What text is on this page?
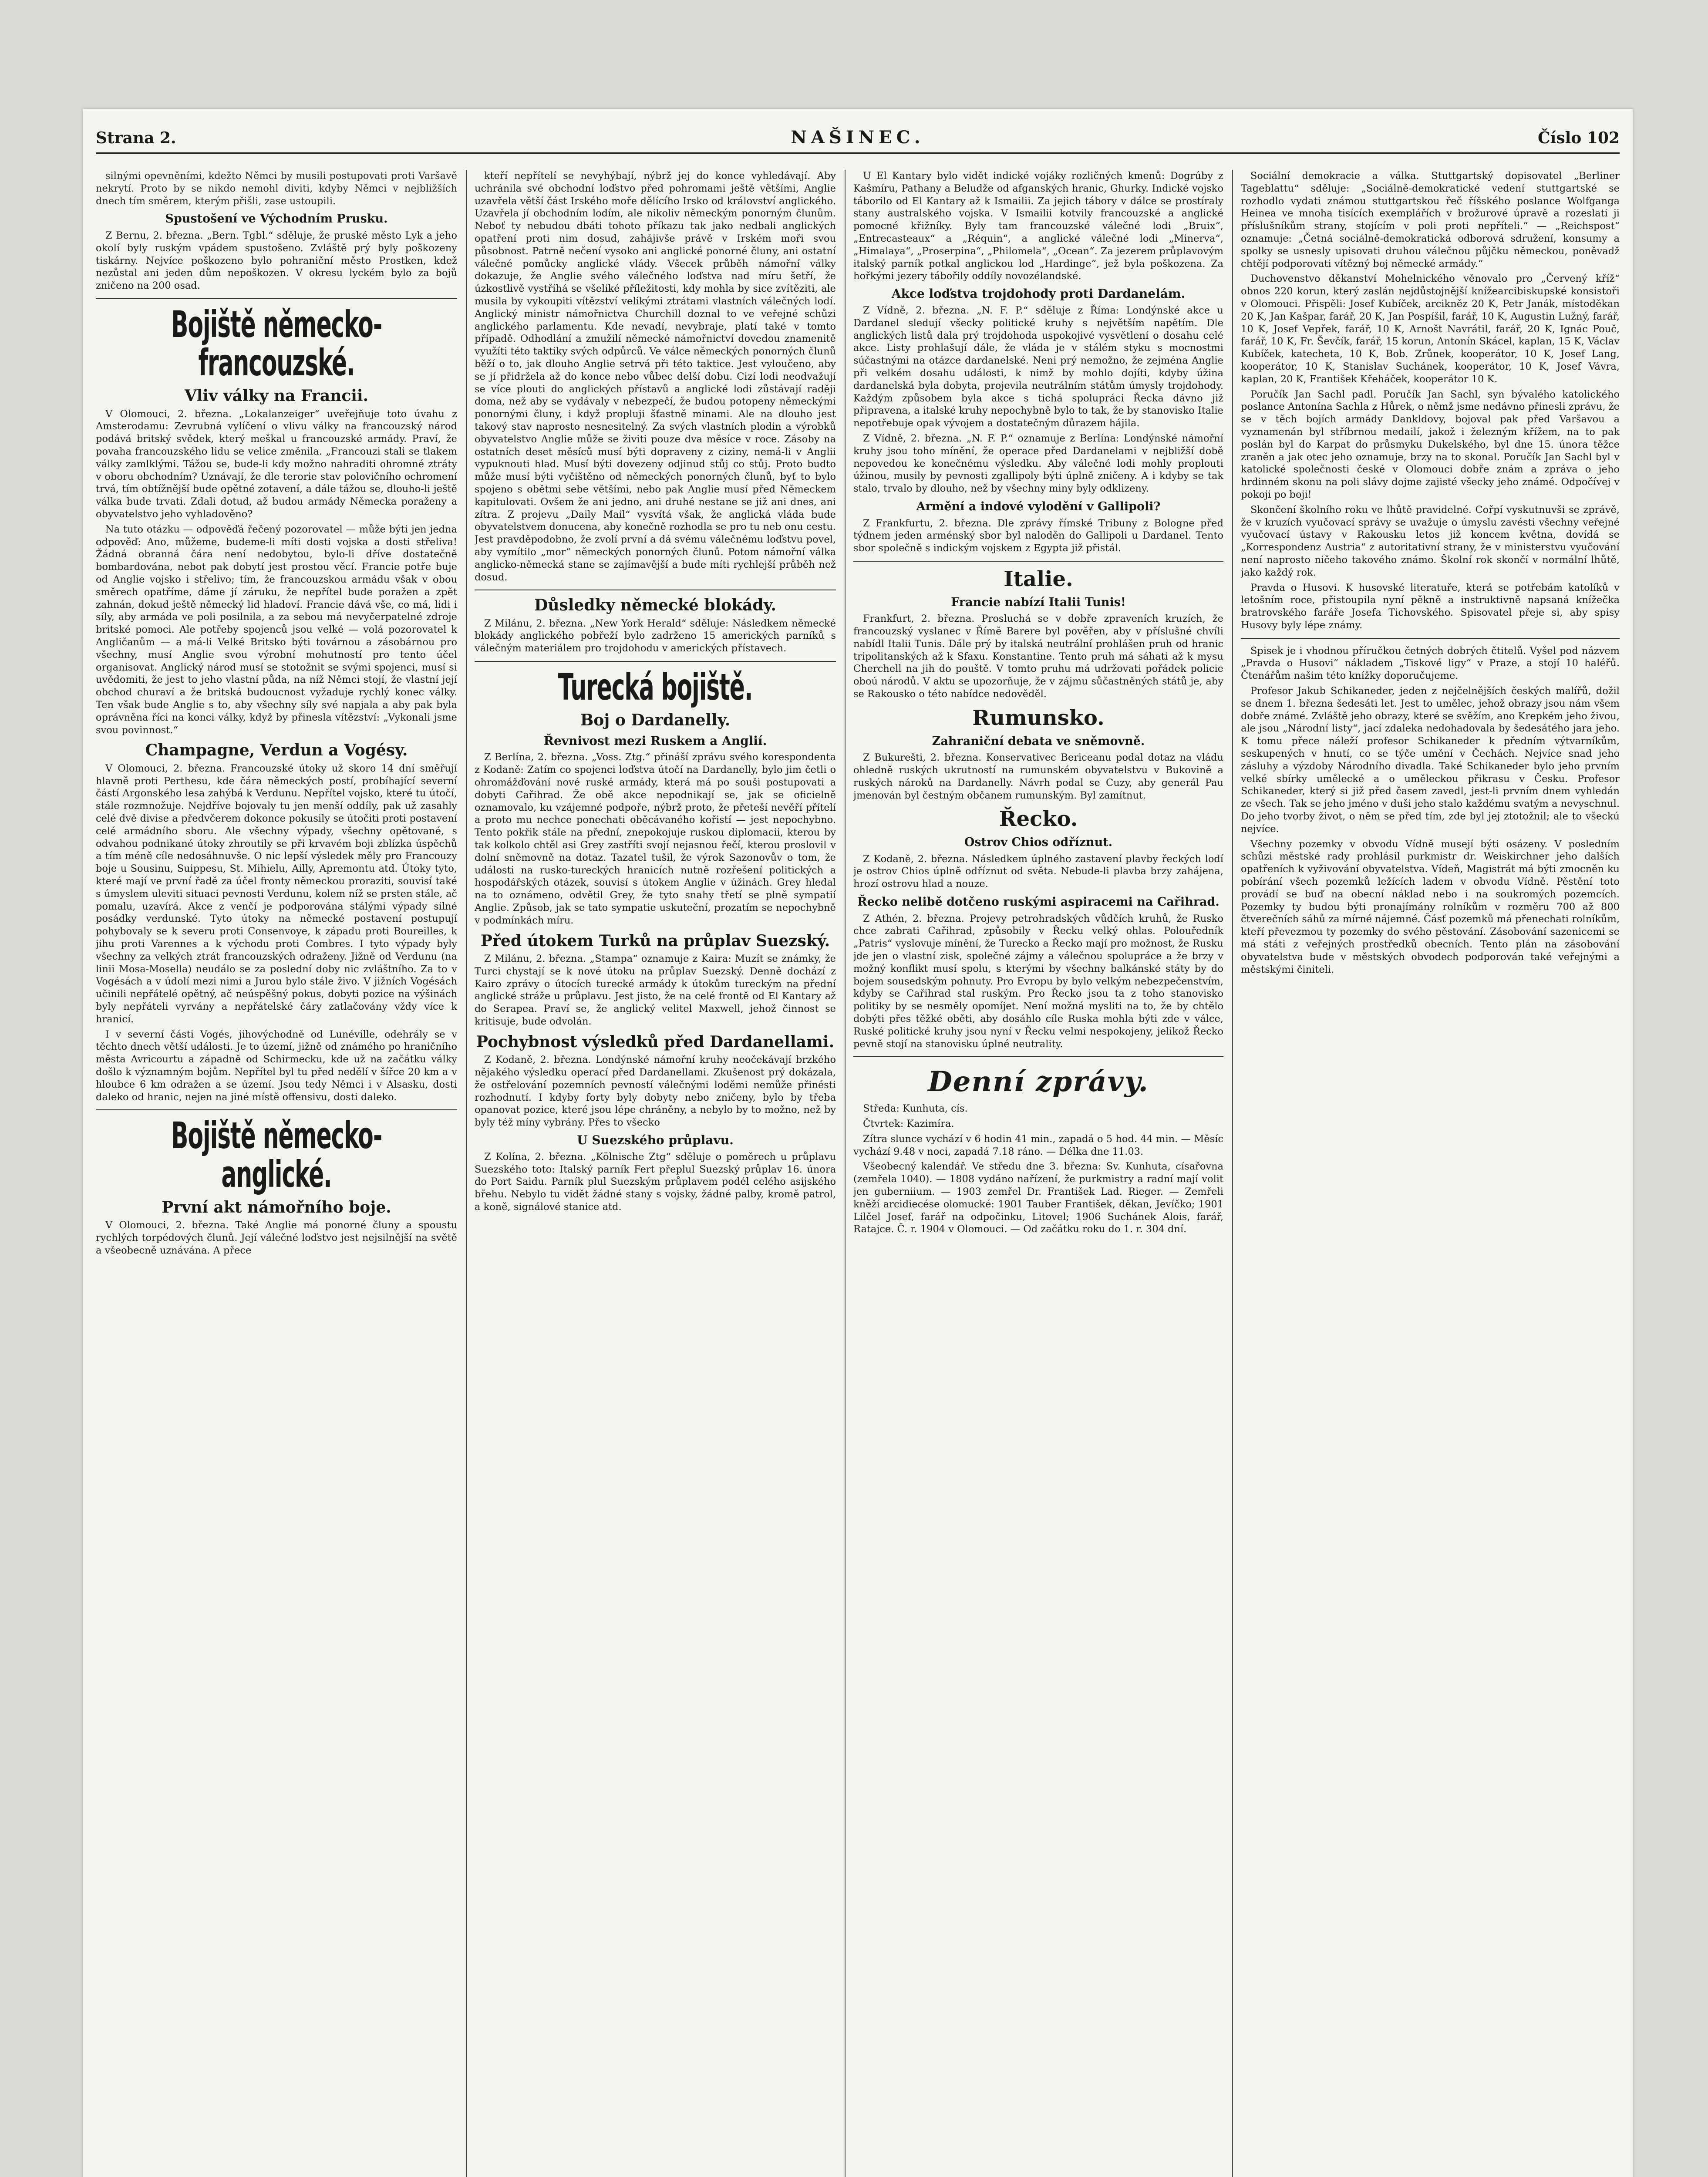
Strana 2.	NAŠINEC.	Číslo 102

silnými opevněními, kdežto Němci by musili postupovati proti Varšavě nekrytí. Proto by se nikdo nemohl diviti, kdyby Němci v nejbližších dnech tím směrem, kterým přišli, zase ustoupili.

Spustošení ve Východním Prusku.

Z Bernu, 2. března. „Bern. Tgbl.“ sděluje, že pruské město Lyk a jeho okolí byly ruským vpádem spustošeno. Zvláště prý byly poškozeny tiskárny. Nejvíce poškozeno bylo pohraniční město Prostken, kdež nezůstal ani jeden dům nepoškozen. V okresu lyckém bylo za bojů zničeno na 200 osad.

Bojiště německo-francouzské.
Vliv války na Francii.

V Olomouci, 2. března. „Lokalanzeiger“ uveřejňuje toto úvahu z Amsterodamu: Zevrubná vylíčení o vlivu války na francouzský národ podává britský svědek, který meškal u francouzské armády. Praví, že povaha francouzského lidu se velice změnila. „Francouzi stali se tlakem války zamlklými. Tážou se, bude-li kdy možno nahraditi ohromné ztráty v oboru obchodním? Uznávají, že dle terorie stav polovičního ochromení trvá, tím obtížnější bude opětné zotavení, a dále tážou se, dlouho-li ještě válka bude trvati. Zdali dotud, až budou armády Německa poraženy a obyvatelstvo jeho vyhladověno?

Na tuto otázku — odpověďá řečený pozorovatel — může býti jen jedna odpověď: Ano, můžeme, budeme-li míti dosti vojska a dosti střeliva! Žádná obranná čára není nedobytou, bylo-li dříve dostatečně bombardována, nebot pak dobytí jest prostou věcí. Francie potře buje od Anglie vojsko i střelivo; tím, že francouzskou armádu však v obou směrech opatříme, dáme jí záruku, že nepřítel bude poražen a zpět zahnán, dokud ještě německý lid hladoví. Francie dává vše, co má, lidi i síly, aby armáda ve poli posilnila, a za sebou má nevyčerpatelné zdroje britské pomoci. Ale potřeby spojenců jsou velké — volá pozorovatel k Angličanům — a má-li Velké Britsko býti továrnou a zásobárnou pro všechny, musí Anglie svou výrobní mohutností pro tento účel organisovat. Anglický národ musí se stotožnit se svými spojenci, musí si uvědomiti, že jest to jeho vlastní půda, na níž Němci stojí, že vlastní její obchod churaví a že britská budoucnost vyžaduje rychlý konec války. Ten však bude Anglie s to, aby všechny síly své napjala a aby pak byla oprávněna říci na konci války, když by přinesla vítězství: „Vykonali jsme svou povinnost.“

Champagne, Verdun a Vogésy.

V Olomouci, 2. března. Francouzské útoky už skoro 14 dní směřují hlavně proti Perthesu, kde čára německých postí, probíhající severní částí Argonského lesa zahýbá k Verdunu. Nepřítel vojsko, které tu útočí, stále rozmnožuje. Nejdříve bojovaly tu jen menší oddíly, pak už zasahly celé dvě divise a předvčerem dokonce pokusily se útočiti proti postavení celé armádního sboru. Ale všechny výpady, všechny opětované, s odvahou podnikané útoky zhroutily se při krvavém boji zblízka úspěchů a tím méně cíle nedosáhnuvše. O nic lepší výsledek měly pro Francouzy boje u Sousinu, Suippesu, St. Mihielu, Ailly, Apremontu atd. Útoky tyto, které mají ve první řadě za účel fronty německou proraziti, souvisí také s úmyslem uleviti situaci pevnosti Verdunu, kolem níž se prsten stále, ač pomalu, uzavírá. Akce z venčí je podporována stálými výpady silné posádky verdunské. Tyto útoky na německé postavení postupují pohybovaly se k severu proti Consenvoye, k západu proti Boureilles, k jihu proti Varennes a k východu proti Combres. I tyto výpady byly všechny za velkých ztrát francouzských odraženy. Jižně od Verdunu (na linii Mosa-Mosella) neudálo se za poslední doby nic zvláštního. Za to v Vogésách a v údolí mezi nimi a Jurou bylo stále živo. V jižních Vogésách učinili nepřátelé opětný, ač neúspěšný pokus, dobyti pozice na výšinách byly nepřáteli vyrvány a nepřátelské čáry zatlačovány vždy více k hranicí.

I v severní části Vogés, jihovýchodně od Lunéville, odehrály se v těchto dnech větší události. Je to území, jižně od známého po hraničního města Avricourtu a západně od Schirmecku, kde už na začátku války došlo k významným bojům. Nepřítel byl tu před nedělí v šířce 20 km a v hloubce 6 km odražen a se území. Jsou tedy Němci i v Alsasku, dosti daleko od hranic, nejen na jiné místě offensivu, dosti daleko.

Bojiště německo-anglické.
První akt námořního boje.

V Olomouci, 2. března. Také Anglie má ponorné čluny a spoustu rychlých torpédových člunů. Její válečné loďstvo jest nejsilnější na světě a všeobecně uznávána. A přece

kteří nepřítelí se nevyhýbají, nýbrž jej do konce vyhledávají. Aby uchránila své obchodní loďstvo před pohromami ještě většími, Anglie uzavřela větší část Irského moře dělícího Irsko od království anglického. Uzavřela jí obchodním lodím, ale nikoliv německým ponorným člunům. Neboť ty nebudou dbáti tohoto příkazu tak jako nedbali anglických opatření proti nim dosud, zahájivše právě v Irském moři svou působnost. Patrně nečení vysoko ani anglické ponorné čluny, ani ostatní válečné pomůcky anglické vlády. Všecek průběh námořní války dokazuje, že Anglie svého válečného loďstva nad míru šetří, že úzkostlivě vystříhá se všeliké příležitosti, kdy mohla by sice zvítěziti, ale musila by vykoupiti vítězství velikými ztrátami vlastních válečných lodí. Anglický ministr námořnictva Churchill doznal to ve veřejné schůzi anglického parlamentu. Kde nevadí, nevybraje, platí také v tomto případě. Odhodlání a zmužilí německé námořnictví dovedou znamenitě využíti této taktiky svých odpůrců. Ve válce německých ponorných člunů běží o to, jak dlouho Anglie setrvá při této taktice. Jest vyloučeno, aby se jí přidržela až do konce nebo vůbec delší dobu. Cizí lodi neodvažují se více plouti do anglických přístavů a anglické lodi zůstávají raději doma, než aby se vydávaly v nebezpečí, že budou potopeny německými ponornými čluny, i když propluji šťastně minami. Ale na dlouho jest takový stav naprosto nesnesitelný. Za svých vlastních plodin a výrobků obyvatelstvo Anglie může se živiti pouze dva měsíce v roce. Zásoby na ostatních deset měsíců musí býti dopraveny z ciziny, nemá-li v Anglii vypuknouti hlad. Musí býti dovezeny odjinud stůj co stůj. Proto budto může musí býti vyčištěno od německých ponorných člunů, byť to bylo spojeno s obětmi sebe většími, nebo pak Anglie musí před Německem kapitulovati. Ovšem že ani jedno, ani druhé nestane se již ani dnes, ani zítra. Z projevu „Daily Mail“ vysvítá však, že anglická vláda bude obyvatelstvem donucena, aby konečně rozhodla se pro tu neb onu cestu. Jest pravděpodobno, že zvolí první a dá svému válečnému loďstvu povel, aby vymítilo „mor“ německých ponorných člunů. Potom námořní válka anglicko-německá stane se zajímavější a bude míti rychlejší průběh než dosud.

Důsledky německé blokády.

Z Milánu, 2. března. „New York Herald“ sděluje: Následkem německé blokády anglického pobřeží bylo zadrženo 15 amerických parníků s válečným materiálem pro trojdohodu v amerických přístavech.

Turecká bojiště.
Boj o Dardanelly.
Řevnivost mezi Ruskem a Anglií.

Z Berlína, 2. března. „Voss. Ztg.“ přináší zprávu svého korespondenta z Kodaně: Zatím co spojenci loďstva útočí na Dardanelly, bylo jim četli o ohromážďování nové ruské armády, která má po souši postupovati a dobyti Cařihrad. Že obě akce nepodnikají se, jak se oficielně oznamovalo, ku vzájemné podpoře, nýbrž proto, že přeteší nevěří přítelí a proto mu nechce ponechati oběcávaného kořistí — jest nepochybno. Tento pokřik stále na přední, znepokojuje ruskou diplomacii, kterou by tak kolkolo chtěl asi Grey zastříti svojí nejasnou řečí, kterou proslovil v dolní sněmovně na dotaz. Tazatel tušil, že výrok Sazonovův o tom, že události na rusko-tureckých hranicích nutně rozřešení politických a hospodářských otázek, souvisí s útokem Anglie v úžinách. Grey hledal na to oznámeno, odvětil Grey, že tyto snahy třetí se plně sympatií Anglie. Způsob, jak se tato sympatie uskuteční, prozatím se nepochybně v podmínkách míru.

Před útokem Turků na průplav Suezský.

Z Milánu, 2. března. „Stampa“ oznamuje z Kaira: Muzít se známky, že Turci chystají se k nové útoku na průplav Suezský. Denně dochází z Kairo zprávy o útocích turecké armády k útokům tureckým na přední anglické stráže u průplavu. Jest jisto, že na celé frontě od El Kantary až do Serapea. Praví se, že anglický velitel Maxwell, jehož činnost se kritisuje, bude odvolán.

Pochybnost výsledků před Dardanellami.

Z Kodaně, 2. března. Londýnské námořní kruhy neočekávají brzkého nějakého výsledku operací před Dardanellami. Zkušenost prý dokázala, že ostřelování pozemních pevností válečnými loděmi nemůže přinésti rozhodnutí. I kdyby forty byly dobyty nebo zničeny, bylo by třeba opanovat pozice, které jsou lépe chráněny, a nebylo by to možno, než by byly též míny vybrány. Přes to všecko

U Suezského průplavu.

Z Kolína, 2. března. „Kölnische Ztg“ sděluje o poměrech u průplavu Suezského toto: Italský parník Fert přeplul Suezský průplav 16. února do Port Saidu. Parník plul Suezským průplavem podél celého asijského břehu. Nebylo tu vidět žádné stany s vojsky, žádné palby, kromě patrol, a koně, signálové stanice atd.

U El Kantary bylo vidět indické vojáky rozličných kmenů: Dogrúby z Kašmíru, Pathany a Beludže od afganských hranic, Ghurky. Indické vojsko táborilo od El Kantary až k Ismailii. Za jejich tábory v dálce se prostíraly stany australského vojska. V Ismailii kotvily francouzské a anglické pomocné křižníky. Byly tam francouzské válečné lodi „Bruix“, „Entrecasteaux“ a „Réquin“, a anglické válečné lodi „Minerva“, „Himalaya“, „Proserpina“, „Philomela“, „Ocean“. Za jezerem průplavovým italský parník potkal anglickou lod „Hardinge“, jež byla poškozena. Za hořkými jezery tábořily oddíly novozélandské.

Akce loďstva trojdohody proti Dardanelám.

Z Vídně, 2. března. „N. F. P.“ sděluje z Říma: Londýnské akce u Dardanel sledují všecky politické kruhy s největším napětím. Dle anglických listů dala prý trojdohoda uspokojivé vysvětlení o dosahu celé akce. Listy prohlašují dále, že vláda je v stálém styku s mocnostmi súčastnými na otázce dardanelské. Neni prý nemožno, že zejména Anglie při velkém dosahu události, k nimž by mohlo dojíti, kdyby úžina dardanelská byla dobyta, projevila neutrálním státům úmysly trojdohody. Každým způsobem byla akce s tichá spolupráci Řecka dávno již připravena, a italské kruhy nepochybně bylo to tak, že by stanovisko Italie nepotřebuje opak vývojem a dostatečným důrazem hájila.

Z Vídně, 2. března. „N. F. P.“ oznamuje z Berlína: Londýnské námořní kruhy jsou toho mínění, že operace před Dardanelami v nejbližší době nepovedou ke konečnému výsledku. Aby válečné lodi mohly proplouti úžinou, musily by pevnosti zgallipoly býti úplně zničeny. A i kdyby se tak stalo, trvalo by dlouho, než by všechny miny byly odklizeny.

Armění a indové vylodění v Gallipoli?

Z Frankfurtu, 2. března. Dle zprávy římské Tribuny z Bologne před týdnem jeden arménský sbor byl naloděn do Gallipoli u Dardanel. Tento sbor společně s indickým vojskem z Egypta již přistál.

Italie.
Francie nabízí Italii Tunis!

Frankfurt, 2. března. Prosluchá se v dobře zpraveních kruzích, že francouzský vyslanec v Římě Barere byl pověřen, aby v příslušné chvíli nabídl Italii Tunis. Dále prý by italská neutrální prohlášen pruh od hranic tripolitanských až k Sfaxu. Konstantine. Tento pruh má sáhati až k mysu Cherchell na jih do pouště. V tomto pruhu má udržovati pořádek policie oboú národů. V aktu se upozorňuje, že v zájmu sůčastněných států je, aby se Rakousko o této nabídce nedověděl.

Rumunsko.
Zahraniční debata ve sněmovně.

Z Bukurešti, 2. března. Konservativec Bericeanu podal dotaz na vládu ohledně ruských ukrutností na rumunském obyvatelstvu v Bukovině a ruských nároků na Dardanelly. Návrh podal se Cuzy, aby generál Pau jmenován byl čestným občanem rumunským. Byl zamítnut.

Řecko.
Ostrov Chios odříznut.

Z Kodaně, 2. března. Následkem úplného zastavení plavby řeckých lodí je ostrov Chios úplně odříznut od světa. Nebude-li plavba brzy zahájena, hrozí ostrovu hlad a nouze.

Řecko nelibě dotčeno ruskými aspiracemi na Cařihrad.

Z Athén, 2. března. Projevy petrohradských vůdčích kruhů, že Rusko chce zabrati Cařihrad, způsobily v Řecku velký ohlas. Polouředník „Patris“ vyslovuje mínění, že Turecko a Řecko mají pro možnost, že Rusku jde jen o vlastní zisk, společné zájmy a válečnou spolupráce a že brzy v možný konflikt musí spolu, s kterými by všechny balkánské státy by do bojem sousedským pohnuty. Pro Evropu by bylo velkým nebezpečenstvím, kdyby se Cařihrad stal ruským. Pro Řecko jsou ta z toho stanovisko politiky by se nesměly opomíjet. Není možná mysliti na to, že by chtělo dobýti přes těžké oběti, aby dosáhlo cíle Ruska mohla býti zde v válce, Ruské politické kruhy jsou nyní v Řecku velmi nespokojeny, jelikož Řecko pevně stojí na stanovisku úplné neutrality.

Denní zprávy.

Středa: Kunhuta, cís.

Čtvrtek: Kazimíra.

Zítra slunce vychází v 6 hodin 41 min., zapadá o 5 hod. 44 min. — Měsíc vychází 9.48 v noci, zapadá 7.18 ráno. — Délka dne 11.03.

Všeobecný kalendář. Ve středu dne 3. března: Sv. Kunhuta, císařovna (zemřela 1040). — 1808 vydáno nařízení, že purkmistry a radní mají volit jen guberniium. — 1903 zemřel Dr. František Lad. Rieger. — Zemřeli kněží arcidiecése olomucké: 1901 Tauber František, děkan, Jevíčko; 1901 Lilčel Josef, farář na odpočinku, Litovel; 1906 Suchánek Alois, farář, Ratajce. Č. r. 1904 v Olomouci. — Od začátku roku do 1. r. 304 dní.

Sociální demokracie a válka. Stuttgartský dopisovatel „Berliner Tageblattu“ sděluje: „Sociálně-demokratické vedení stuttgartské se rozhodlo vydati známou stuttgartskou řeč říšského poslance Wolfganga Heinea ve mnoha tisících exemplářích v brožurové úpravě a rozeslati ji příslušníkům strany, stojícím v poli proti nepříteli.“ — „Reichspost“ oznamuje: „Četná sociálně-demokratická odborová sdružení, konsumy a spolky se usnesly upisovati druhou válečnou půjčku německou, poněvadž chtějí podporovati vítězný boj německé armády.“

Duchovenstvo děkanství Mohelnického věnovalo pro „Červený kříž“ obnos 220 korun, který zaslán nejdůstojnější knížearcibiskupské konsistoři v Olomouci. Přispěli: Josef Kubíček, arcikněz 20 K, Petr Janák, místoděkan 20 K, Jan Kašpar, farář, 20 K, Jan Pospíšil, farář, 10 K, Augustin Lužný, farář, 10 K, Josef Vepřek, farář, 10 K, Arnošt Navrátil, farář, 20 K, Ignác Pouč, farář, 10 K, Fr. Ševčík, farář, 15 korun, Antonín Skácel, kaplan, 15 K, Václav Kubíček, katecheta, 10 K, Bob. Zrůnek, kooperátor, 10 K, Josef Lang, kooperátor, 10 K, Stanislav Suchánek, kooperátor, 10 K, Josef Vávra, kaplan, 20 K, František Křeháček, kooperátor 10 K.

Poručík Jan Sachl padl. Poručík Jan Sachl, syn bývalého katolického poslance Antonína Sachla z Hůrek, o němž jsme nedávno přinesli zprávu, že se v těch bojích armády Dankldovy, bojoval pak před Varšavou a vyznamenán byl stříbrnou medailí, jakož i železným křížem, na to pak poslán byl do Karpat do průsmyku Dukelského, byl dne 15. února těžce zraněn a jak otec jeho oznamuje, brzy na to skonal. Poručík Jan Sachl byl v katolické společnosti české v Olomouci dobře znám a zpráva o jeho hrdinném skonu na poli slávy dojme zajisté všecky jeho známé. Odpočívej v pokoji po boji!

Skončení školního roku ve lhůtě pravidelné. Cořpí vyskutnuvši se zprávě, že v kruzích vyučovací správy se uvažuje o úmyslu zavésti všechny veřejné vyučovací ústavy v Rakousku letos již koncem května, dovídá se „Korrespondenz Austria“ z autoritativní strany, že v ministerstvu vyučování není naprosto ničeho takového známo. Školní rok skončí v normální lhůtě, jako každý rok.

Pravda o Husovi. K husovské literatuře, která se potřebám katolíků v letošním roce, přistoupila nyní pěkně a instruktivně napsaná knížečka bratrovského faráře Josefa Tichovského. Spisovatel přeje si, aby spisy Husovy byly lépe známy.

Spisek je i vhodnou příručkou četných dobrých čtitelů. Vyšel pod názvem „Pravda o Husovi“ nákladem „Tiskové ligy“ v Praze, a stojí 10 haléřů. Čtenářům našim této knížky doporučujeme.

Profesor Jakub Schikaneder, jeden z nejčelnějších českých malířů, dožil se dnem 1. března šedesáti let. Jest to umělec, jehož obrazy jsou nám všem dobře známé. Zvláště jeho obrazy, které se svěžím, ano Krepkém jeho živou, ale jsou „Národní listy“, jací zdaleka nedohadovala by šedesátého jara jeho. K tomu přece náleží profesor Schikaneder k předním výtvarníkům, seskupených v hnutí, co se týče umění v Čechách. Nejvíce snad jeho zásluhy a výzdoby Národního divadla. Také Schikaneder bylo jeho prvním velké sbírky umělecké a o uměleckou přikrasu v Česku. Profesor Schikaneder, který si již před časem zavedl, jest-li prvním dnem vyhledán ze všech. Tak se jeho jméno v duši jeho stalo každému svatým a nevyschnul. Do jeho tvorby život, o něm se před tím, zde byl jej ztotožnil; ale to všeckú nejvíce.

Všechny pozemky v obvodu Vídně musejí býti osázeny. V posledním schůzi městské rady prohlásil purkmistr dr. Weiskirchner jeho dalších opatřeních k vyživování obyvatelstva. Vídeň, Magistrát má býti zmocněn ku pobírání všech pozemků ležících ladem v obvodu Vídně. Pěstění toto provádí se buď na obecní náklad nebo i na soukromých pozemcích. Pozemky ty budou býti pronajímány rolníkům v rozměru 700 až 800 čtverečních sáhů za mírné nájemné. Čásť pozemků má přenechati rolníkům, kteří převezmou ty pozemky do svého pěstování. Zásobování sazenicemi se má státi z veřejných prostředků obecních. Tento plán na zásobování obyvatelstva bude v městských obvodech podporován také veřejnými a městskými činiteli.
